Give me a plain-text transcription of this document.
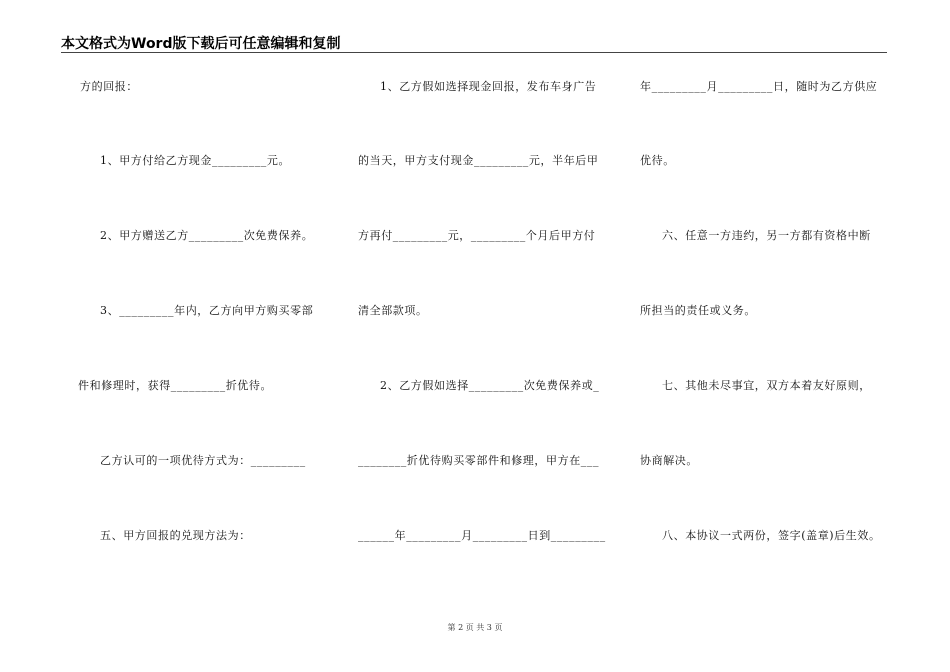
本文格式为Word版下载后可任意编辑和复制
方的回报：
1、甲方付给乙方现金_________元。
2、甲方赠送乙方_________次免费保养。
3、_________年内，乙方向甲方购买零部
件和修理时，获得_________折优待。
乙方认可的一项优待方式为：_________
五、甲方回报的兑现方法为：
1、乙方假如选择现金回报，发布车身广告
的当天，甲方支付现金_________元，半年后甲
方再付_________元，_________个月后甲方付
清全部款项。
2、乙方假如选择_________次免费保养或_
________折优待购买零部件和修理，甲方在___
______年_________月_________日到_________
年_________月_________日，随时为乙方供应
优待。
六、任意一方违约，另一方都有资格中断
所担当的责任或义务。
七、其他未尽事宜，双方本着友好原则，
协商解决。
八、本协议一式两份，签字(盖章)后生效。
第 2 页 共 3 页
